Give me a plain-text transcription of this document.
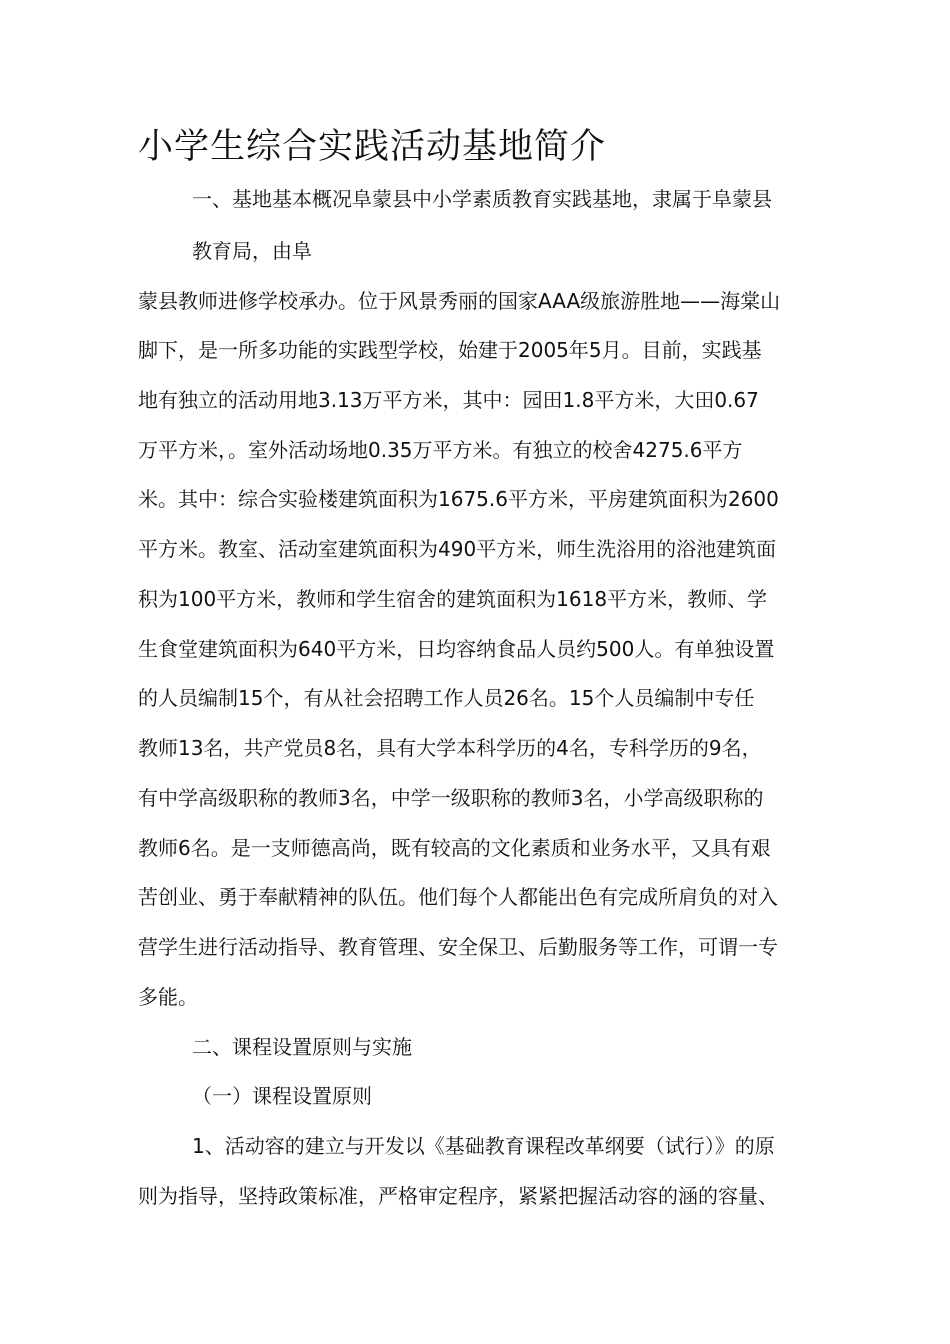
小学生综合实践活动基地简介
一、基地基本概况阜蒙县中小学素质教育实践基地，隶属于阜蒙县
教育局，由阜
蒙县教师进修学校承办。位于风景秀丽的国家AAA级旅游胜地——海棠山
脚下，是一所多功能的实践型学校，始建于2005年5月。目前，实践基
地有独立的活动用地3.13万平方米，其中：园田1.8平方米，大田0.67
万平方米，。室外活动场地0.35万平方米。有独立的校舍4275.6平方
米。其中：综合实验楼建筑面积为1675.6平方米，平房建筑面积为2600
平方米。教室、活动室建筑面积为490平方米，师生洗浴用的浴池建筑面
积为100平方米，教师和学生宿舍的建筑面积为1618平方米，教师、学
生食堂建筑面积为640平方米，日均容纳食品人员约500人。有单独设置
的人员编制15个，有从社会招聘工作人员26名。15个人员编制中专任
教师13名，共产党员8名，具有大学本科学历的4名，专科学历的9名，
有中学高级职称的教师3名，中学一级职称的教师3名，小学高级职称的
教师6名。是一支师德高尚，既有较高的文化素质和业务水平，又具有艰
苦创业、勇于奉献精神的队伍。他们每个人都能出色有完成所肩负的对入
营学生进行活动指导、教育管理、安全保卫、后勤服务等工作，可谓一专
多能。
二、课程设置原则与实施
（一）课程设置原则
1、活动容的建立与开发以《基础教育课程改革纲要（试行）》的原
则为指导，坚持政策标准，严格审定程序，紧紧把握活动容的涵的容量、
